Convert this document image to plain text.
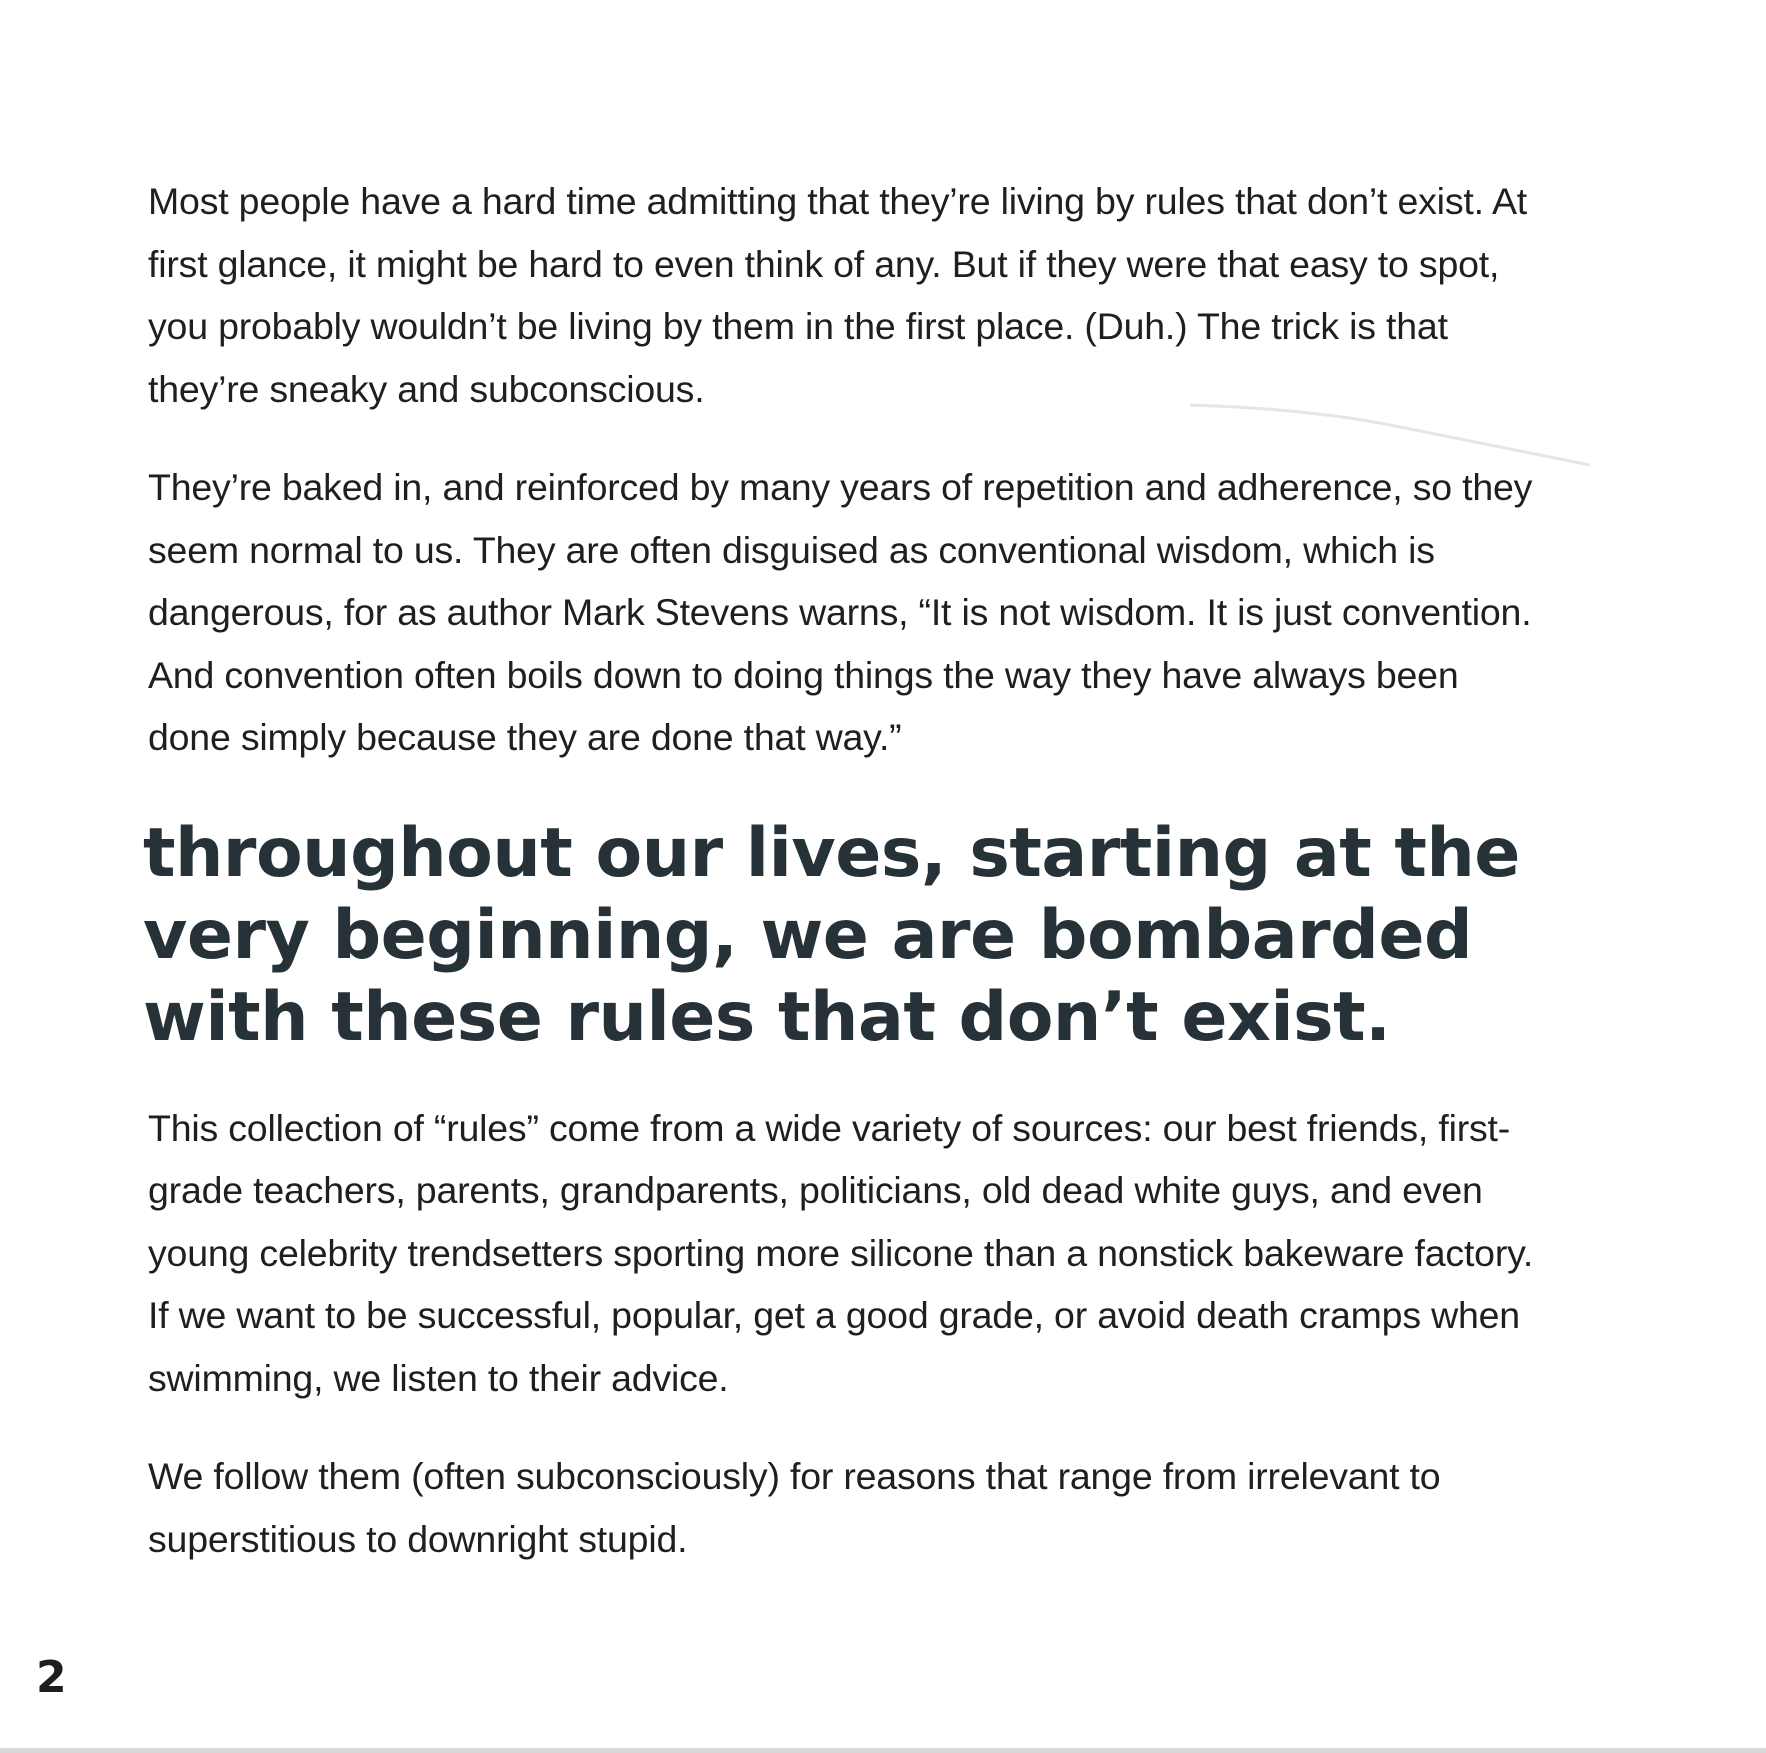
Most people have a hard time admitting that they’re living by rules that don’t exist. At first glance, it might be hard to even think of any. But if they were that easy to spot, you probably wouldn’t be living by them in the first place. (Duh.) The trick is that they’re sneaky and subconscious.

They’re baked in, and reinforced by many years of repetition and adherence, so they seem normal to us. They are often disguised as conventional wisdom, which is dangerous, for as author Mark Stevens warns, “It is not wisdom. It is just convention. And convention often boils down to doing things the way they have always been done simply because they are done that way.”

throughout our lives, starting at the very beginning, we are bombarded with these rules that don’t exist.

This collection of “rules” come from a wide variety of sources: our best friends, first-grade teachers, parents, grandparents, politicians, old dead white guys, and even young celebrity trendsetters sporting more silicone than a nonstick bakeware factory. If we want to be successful, popular, get a good grade, or avoid death cramps when swimming, we listen to their advice.

We follow them (often subconsciously) for reasons that range from irrelevant to superstitious to downright stupid.

2
